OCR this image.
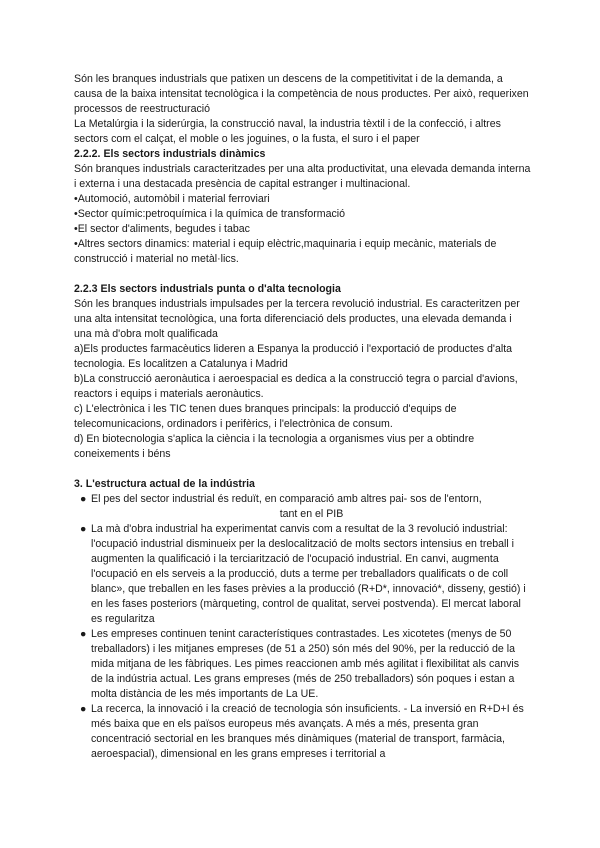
Són les branques industrials que patixen un descens de la competitivitat i de la demanda, a causa de la baixa intensitat tecnològica i la competència de nous productes. Per això, requerixen processos de reestructuració

La Metalúrgia i la siderúrgia, la construcció naval, la industria tèxtil i de la confecció, i altres sectors com el calçat, el moble o les joguines, o la fusta, el suro i el paper

2.2.2. Els sectors industrials dinàmics

Són branques industrials caracteritzades per una alta productivitat, una elevada demanda interna i externa i una destacada presència de capital estranger i multinacional.

•Automoció, automòbil i material ferroviari

•Sector químic:petroquímica i la química de transformació

•El sector d'aliments, begudes i tabac

•Altres sectors dinamics: material i equip elèctric,maquinaria i equip mecànic, materials de construcció i material no metàl·lics.

2.2.3 Els sectors industrials punta o d'alta tecnologia

Són les branques industrials impulsades per la tercera revolució industrial. Es caracteritzen per una alta intensitat tecnològica, una forta diferenciació dels productes, una elevada demanda i una mà d'obra molt qualificada

a)Els productes farmacèutics lideren a Espanya la producció i l'exportació de productes d'alta tecnologia. Es localitzen a Catalunya i Madrid

b)La construcció aeronàutica i aeroespacial es dedica a la construcció tegra o parcial d'avions, reactors i equips i materials aeronàutics.

c) L'electrònica i les TIC tenen dues branques principals: la producció d'equips de telecomunicacions, ordinadors i perifèrics, i l'electrònica de consum.

d) En biotecnologia s'aplica la ciència i la tecnologia a organismes vius per a obtindre coneixements i béns

3. L'estructura actual de la indústria

● El pes del sector industrial és reduït, en comparació amb altres pai- sos de l'entorn,
tant en el PIB
● La mà d'obra industrial ha experimentat canvis com a resultat de la 3 revolució industrial: l'ocupació industrial disminueix per la deslocalització de molts sectors intensius en treball i augmenten la qualificació i la terciarització de l'ocupació industrial. En canvi, augmenta l'ocupació en els serveis a la producció, duts a terme per treballadors qualificats o de coll blanc», que treballen en les fases prèvies a la producció (R+D*, innovació*, disseny, gestió) i en les fases posteriors (màrqueting, control de qualitat, servei postvenda). El mercat laboral es regularitza
● Les empreses continuen tenint característiques contrastades. Les xicotetes (menys de 50 treballadors) i les mitjanes empreses (de 51 a 250) són més del 90%, per la reducció de la mida mitjana de les fàbriques. Les pimes reaccionen amb més agilitat i flexibilitat als canvis de la indústria actual. Les grans empreses (més de 250 treballadors) són poques i estan a molta distància de les més importants de La UE.
● La recerca, la innovació i la creació de tecnologia són insuficients. - La inversió en R+D+I és més baixa que en els països europeus més avançats. A més a més, presenta gran concentració sectorial en les branques més dinàmiques (material de transport, farmàcia, aeroespacial), dimensional en les grans empreses i territorial a
